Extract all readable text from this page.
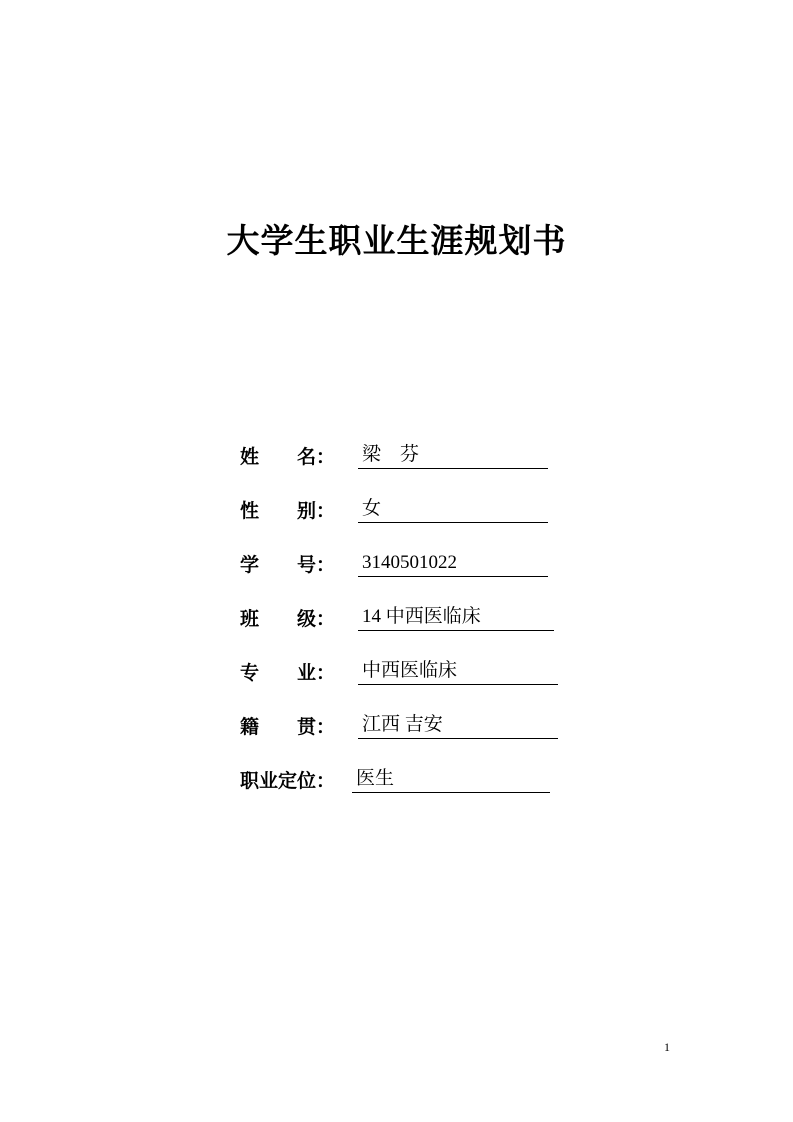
大学生职业生涯规划书
姓　　名：	梁　芬
性　　别：	女
学　　号：	3140501022
班　　级：	14 中西医临床
专　　业：	中西医临床
籍　　贯：	江西 吉安
职业定位：	医生
1
